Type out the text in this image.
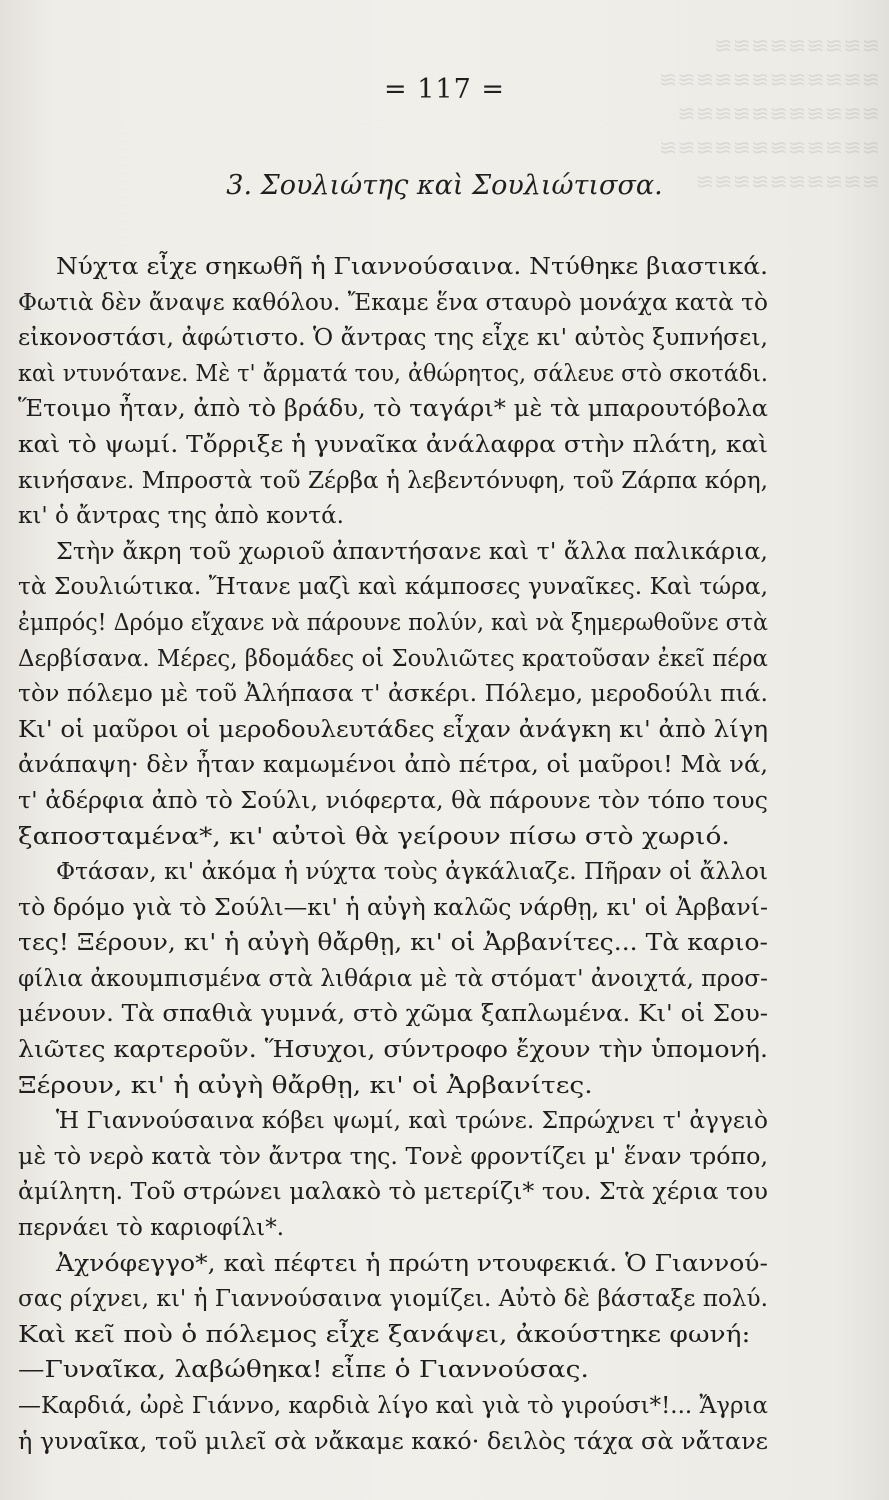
≋≋≋≋≋≋≋≋≋
≋≋≋≋≋≋≋≋≋≋≋≋
≋≋≋≋≋≋≋≋≋≋≋
≋≋≋≋≋≋≋≋≋≋≋≋
≋≋≋≋≋≋≋≋≋≋
= 117 =
3. Σουλιώτης καὶ Σουλιώτισσα.
Νύχτα εἶχε σηκωθῆ ἡ Γιαννούσαινα. Ντύθηκε βιαστικά.
Φωτιὰ δὲν ἄναψε καθόλου. Ἔκαμε ἕνα σταυρὸ μονάχα κατὰ τὸ
εἰκονοστάσι, ἀφώτιστο. Ὁ ἄντρας της εἶχε κι' αὐτὸς ξυπνήσει,
καὶ ντυνότανε. Μὲ τ' ἄρματά του, ἀθώρητος, σάλευε στὸ σκοτάδι.
Ἕτοιμο ἦταν, ἀπὸ τὸ βράδυ, τὸ ταγάρι* μὲ τὰ μπαρουτόβολα
καὶ τὸ ψωμί. Τὄρριξε ἡ γυναῖκα ἀνάλαφρα στὴν πλάτη, καὶ
κινήσανε. Μπροστὰ τοῦ Ζέρβα ἡ λεβεντόνυφη, τοῦ Ζάρπα κόρη,
κι' ὁ ἄντρας της ἀπὸ κοντά.
Στὴν ἄκρη τοῦ χωριοῦ ἀπαντήσανε καὶ τ' ἄλλα παλικάρια,
τὰ Σουλιώτικα. Ἤτανε μαζὶ καὶ κάμποσες γυναῖκες. Καὶ τώρα,
ἐμπρός! Δρόμο εἴχανε νὰ πάρουνε πολύν, καὶ νὰ ξημερωθοῦνε στὰ
Δερβίσανα. Μέρες, βδομάδες οἱ Σουλιῶτες κρατοῦσαν ἐκεῖ πέρα
τὸν πόλεμο μὲ τοῦ Ἀλήπασα τ' ἀσκέρι. Πόλεμο, μεροδούλι πιά.
Κι' οἱ μαῦροι οἱ μεροδουλευτάδες εἶχαν ἀνάγκη κι' ἀπὸ λίγη
ἀνάπαψη· δὲν ἦταν καμωμένοι ἀπὸ πέτρα, οἱ μαῦροι! Μὰ νά,
τ' ἀδέρφια ἀπὸ τὸ Σούλι, νιόφερτα, θὰ πάρουνε τὸν τόπο τους
ξαποσταμένα*, κι' αὐτοὶ θὰ γείρουν πίσω στὸ χωριό.
Φτάσαν, κι' ἀκόμα ἡ νύχτα τοὺς ἀγκάλιαζε. Πῆραν οἱ ἄλλοι
τὸ δρόμο γιὰ τὸ Σούλι—κι' ἡ αὐγὴ καλῶς νάρθῃ, κι' οἱ Ἀρβανί-
τες! Ξέρουν, κι' ἡ αὐγὴ θἄρθῃ, κι' οἱ Ἀρβανίτες... Τὰ καριο-
φίλια ἀκουμπισμένα στὰ λιθάρια μὲ τὰ στόματ' ἀνοιχτά, προσ-
μένουν. Τὰ σπαθιὰ γυμνά, στὸ χῶμα ξαπλωμένα. Κι' οἱ Σου-
λιῶτες καρτεροῦν. Ἥσυχοι, σύντροφο ἔχουν τὴν ὑπομονή.
Ξέρουν, κι' ἡ αὐγὴ θἄρθῃ, κι' οἱ Ἀρβανίτες.
Ἡ Γιαννούσαινα κόβει ψωμί, καὶ τρώνε. Σπρώχνει τ' ἀγγειὸ
μὲ τὸ νερὸ κατὰ τὸν ἄντρα της. Τονὲ φροντίζει μ' ἕναν τρόπο,
ἀμίλητη. Τοῦ στρώνει μαλακὸ τὸ μετερίζι* του. Στὰ χέρια του
περνάει τὸ καριοφίλι*.
Ἀχνόφεγγο*, καὶ πέφτει ἡ πρώτη ντουφεκιά. Ὁ Γιαννού-
σας ρίχνει, κι' ἡ Γιαννούσαινα γιομίζει. Αὐτὸ δὲ βάσταξε πολύ.
Καὶ κεῖ ποὺ ὁ πόλεμος εἶχε ξανάψει, ἀκούστηκε φωνή:
—Γυναῖκα, λαβώθηκα! εἶπε ὁ Γιαννούσας.
—Καρδιά, ὠρὲ Γιάννο, καρδιὰ λίγο καὶ γιὰ τὸ γιρούσι*!... Ἄγρια
ἡ γυναῖκα, τοῦ μιλεῖ σὰ νἄκαμε κακό· δειλὸς τάχα σὰ νἄτανε
